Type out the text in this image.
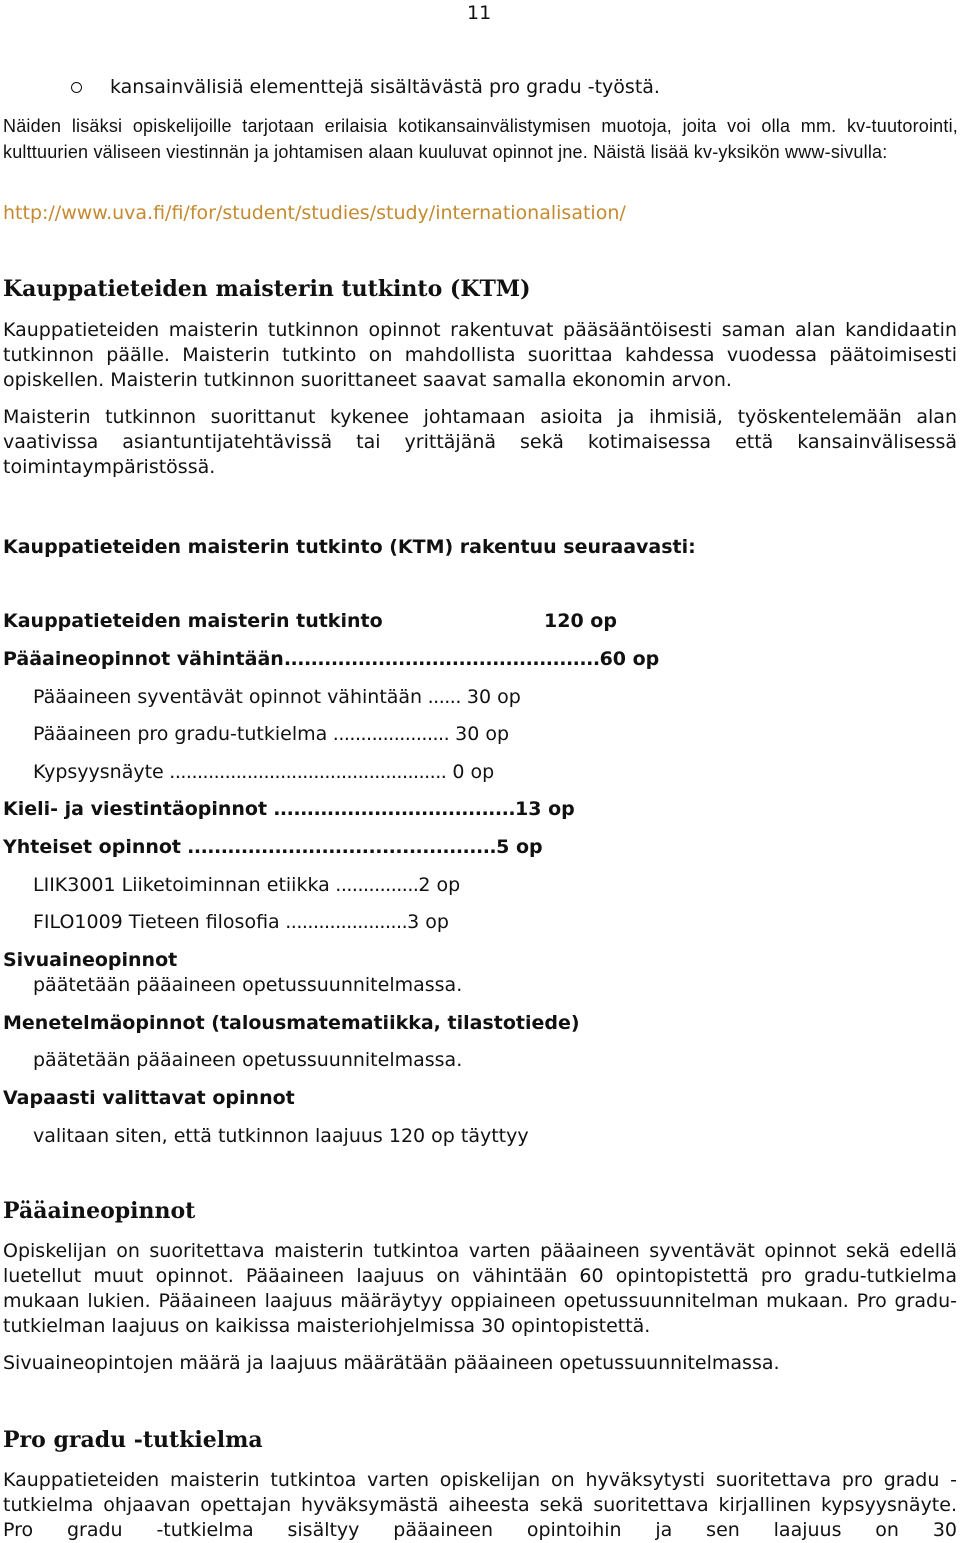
11
kansainvälisiä elementtejä sisältävästä pro gradu -työstä.
Näiden lisäksi opiskelijoille tarjotaan erilaisia kotikansainvälistymisen muotoja, joita voi olla mm. kv-tuutorointi, kulttuurien väliseen viestinnän ja johtamisen alaan kuuluvat opinnot jne. Näistä lisää kv-yksikön www-sivulla:
http://www.uva.fi/fi/for/student/studies/study/internationalisation/
Kauppatieteiden maisterin tutkinto (KTM)
Kauppatieteiden maisterin tutkinnon opinnot rakentuvat pääsääntöisesti saman alan kandidaatin tutkinnon päälle. Maisterin tutkinto on mahdollista suorittaa kahdessa vuodessa päätoimisesti opiskellen. Maisterin tutkinnon suorittaneet saavat samalla ekonomin arvon.
Maisterin tutkinnon suorittanut kykenee johtamaan asioita ja ihmisiä, työskentelemään alan vaativissa asiantuntijatehtävissä tai yrittäjänä sekä kotimaisessa että kansainvälisessä toimintaympäristössä.
Kauppatieteiden maisterin tutkinto (KTM) rakentuu seuraavasti:
Kauppatieteiden maisterin tutkinto	120 op
Pääaineopinnot vähintään...............................................60 op
Pääaineen syventävät opinnot vähintään ...... 30 op
Pääaineen pro gradu-tutkielma ..................... 30 op
Kypsyysnäyte .................................................. 0 op
Kieli- ja viestintäopinnot ....................................13 op
Yhteiset opinnot ..............................................5 op
LIIK3001 Liiketoiminnan etiikka ...............2 op
FILO1009 Tieteen filosofia ......................3 op
Sivuaineopinnot
päätetään pääaineen opetussuunnitelmassa.
Menetelmäopinnot (talousmatematiikka, tilastotiede)
päätetään pääaineen opetussuunnitelmassa.
Vapaasti valittavat opinnot
valitaan siten, että tutkinnon laajuus 120 op täyttyy
Pääaineopinnot
Opiskelijan on suoritettava maisterin tutkintoa varten pääaineen syventävät opinnot sekä edellä luetellut muut opinnot. Pääaineen laajuus on vähintään 60 opintopistettä pro gradu-tutkielma mukaan lukien. Pääaineen laajuus määräytyy oppiaineen opetussuunnitelman mukaan. Pro gradu-tutkielman laajuus on kaikissa maisteriohjelmissa 30 opintopistettä.
Sivuaineopintojen määrä ja laajuus määrätään pääaineen opetussuunnitelmassa.
Pro gradu -tutkielma
Kauppatieteiden maisterin tutkintoa varten opiskelijan on hyväksytysti suoritettava pro gradu -tutkielma ohjaavan opettajan hyväksymästä aiheesta sekä suoritettava kirjallinen kypsyysnäyte. Pro gradu -tutkielma sisältyy pääaineen opintoihin ja sen laajuus on 30
